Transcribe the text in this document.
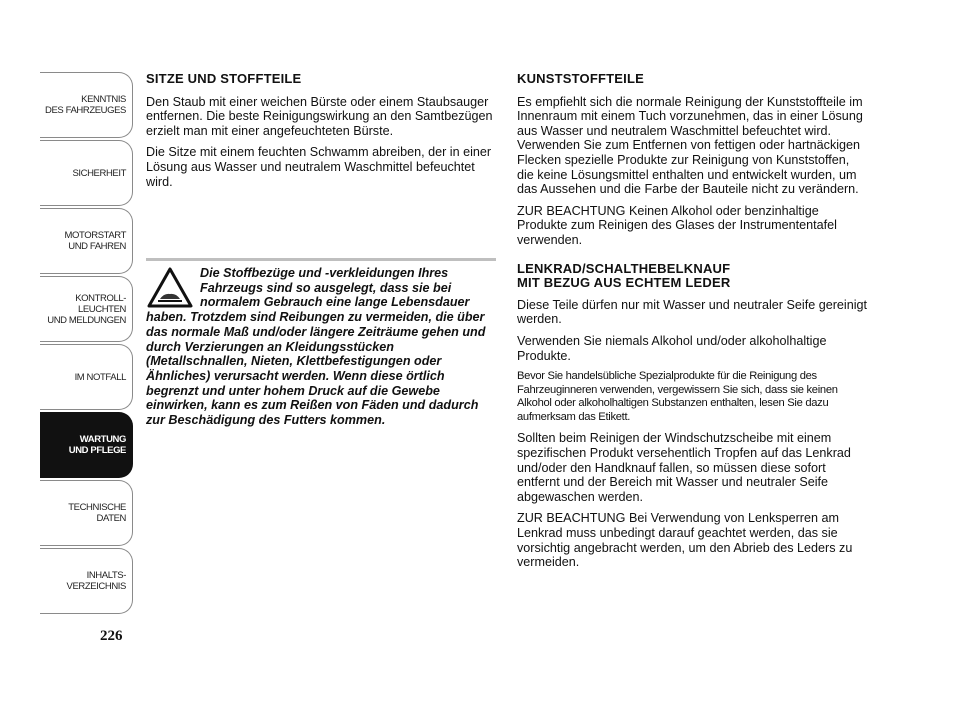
KENNTNIS
DES FAHRZEUGES
SICHERHEIT
MOTORSTART
UND FAHREN
KONTROLL-
LEUCHTEN
UND MELDUNGEN
IM NOTFALL
WARTUNG
UND PFLEGE
TECHNISCHE
DATEN
INHALTS-
VERZEICHNIS
226
SITZE UND STOFFTEILE

Den Staub mit einer weichen Bürste oder einem Staubsauger entfernen. Die beste Reinigungswirkung an den Samtbezügen erzielt man mit einer angefeuchteten Bürste.

Die Sitze mit einem feuchten Schwamm abreiben, der in einer Lösung aus Wasser und neutralem Waschmittel befeuchtet wird.

Die Stoffbezüge und -verkleidungen Ihres Fahrzeugs sind so ausgelegt, dass sie bei normalem Gebrauch eine lange Lebensdauer haben. Trotzdem sind Reibungen zu vermeiden, die über das normale Maß und/oder längere Zeiträume gehen und durch Verzierungen an Kleidungsstücken (Metallschnallen, Nieten, Klettbefestigungen oder Ähnliches) verursacht werden. Wenn diese örtlich begrenzt und unter hohem Druck auf die Gewebe einwirken, kann es zum Reißen von Fäden und dadurch zur Beschädigung des Futters kommen.
KUNSTSTOFFTEILE

Es empfiehlt sich die normale Reinigung der Kunststoffteile im Innenraum mit einem Tuch vorzunehmen, das in einer Lösung aus Wasser und neutralem Waschmittel befeuchtet wird. Verwenden Sie zum Entfernen von fettigen oder hartnäckigen Flecken spezielle Produkte zur Reinigung von Kunststoffen, die keine Lösungsmittel enthalten und entwickelt wurden, um das Aussehen und die Farbe der Bauteile nicht zu verändern.

ZUR BEACHTUNG Keinen Alkohol oder benzinhaltige Produkte zum Reinigen des Glases der Instrumententafel verwenden.

LENKRAD/SCHALTHEBELKNAUF
MIT BEZUG AUS ECHTEM LEDER

Diese Teile dürfen nur mit Wasser und neutraler Seife gereinigt werden.

Verwenden Sie niemals Alkohol und/oder alkoholhaltige Produkte.

Bevor Sie handelsübliche Spezialprodukte für die Reinigung des Fahrzeuginneren verwenden, vergewissern Sie sich, dass sie keinen Alkohol oder alkoholhaltigen Substanzen enthalten, lesen Sie dazu aufmerksam das Etikett.

Sollten beim Reinigen der Windschutzscheibe mit einem spezifischen Produkt versehentlich Tropfen auf das Lenkrad und/oder den Handknauf fallen, so müssen diese sofort entfernt und der Bereich mit Wasser und neutraler Seife abgewaschen werden.

ZUR BEACHTUNG Bei Verwendung von Lenksperren am Lenkrad muss unbedingt darauf geachtet werden, das sie vorsichtig angebracht werden, um den Abrieb des Leders zu vermeiden.
